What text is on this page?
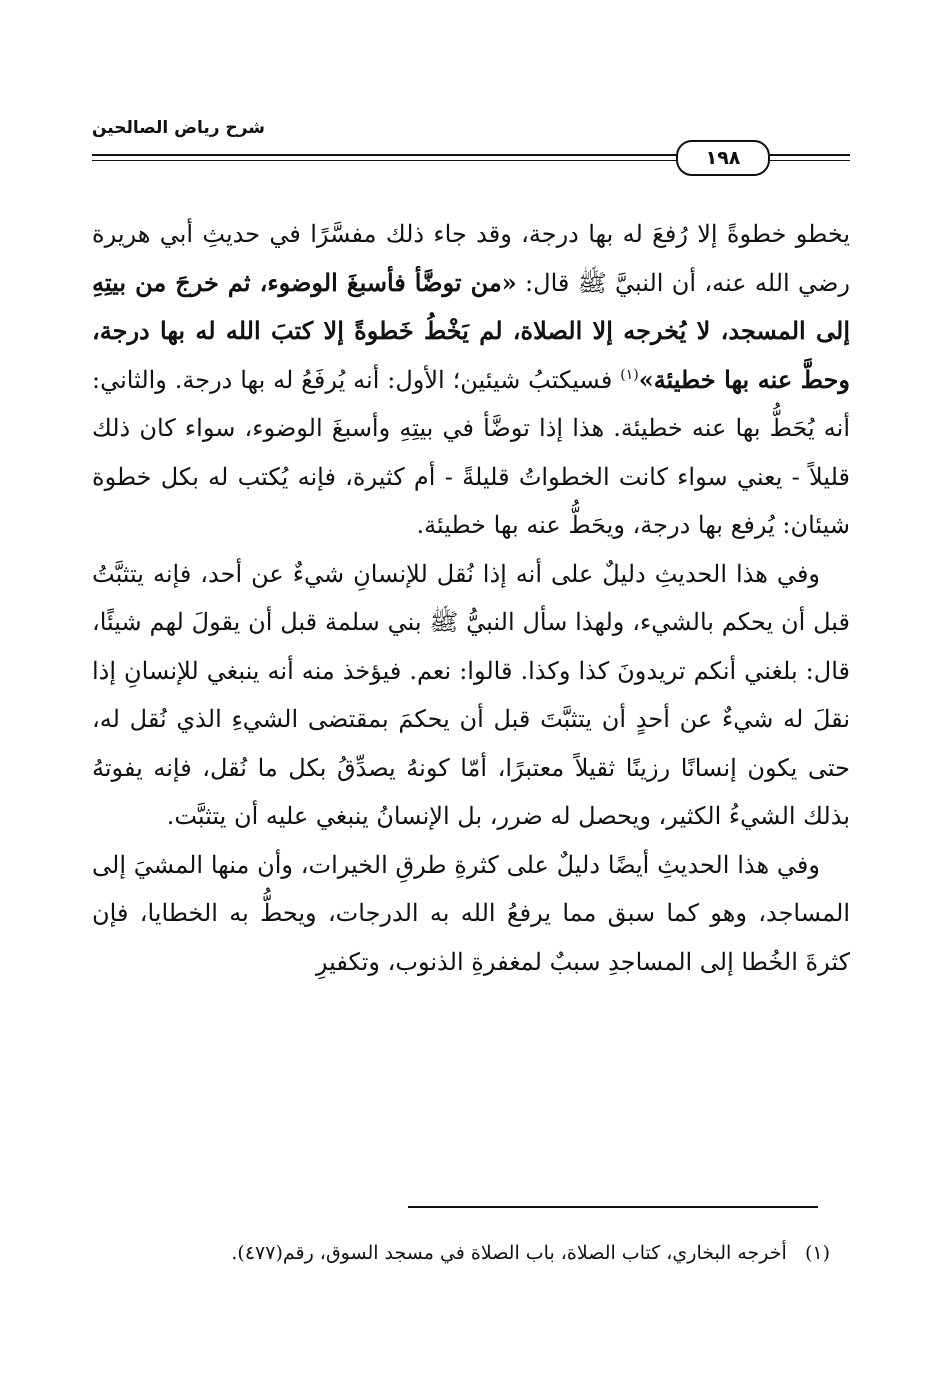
شرح رياض الصالحين
١٩٨

يخطو خطوةً إلا رُفعَ له بها درجة، وقد جاء ذلك مفسَّرًا في حديثِ أبي هريرة رضي الله عنه، أن النبيَّ ﷺ قال: «من توضَّأ فأسبغَ الوضوء، ثم خرجَ من بيتِهِ إلى المسجد، لا يُخرجه إلا الصلاة، لم يَخْطُ خَطوةً إلا كتبَ الله له بها درجة، وحطَّ عنه بها خطيئة»$^{(١)}$ فسيكتبُ شيئين؛ الأول: أنه يُرفَعُ له بها درجة. والثاني: أنه يُحَطُّ بها عنه خطيئة. هذا إذا توضَّأ في بيتِهِ وأسبغَ الوضوء، سواء كان ذلك قليلاً - يعني سواء كانت الخطواتُ قليلةً - أم كثيرة، فإنه يُكتب له بكل خطوة شيئان: يُرفع بها درجة، ويحَطُّ عنه بها خطيئة.

وفي هذا الحديثِ دليلٌ على أنه إذا نُقل للإنسانِ شيءٌ عن أحد، فإنه يتثبَّتُ قبل أن يحكم بالشيء، ولهذا سأل النبيُّ ﷺ بني سلمة قبل أن يقولَ لهم شيئًا، قال: بلغني أنكم تريدونَ كذا وكذا. قالوا: نعم. فيؤخذ منه أنه ينبغي للإنسانِ إذا نقلَ له شيءٌ عن أحدٍ أن يتثبَّتَ قبل أن يحكمَ بمقتضى الشيءِ الذي نُقل له، حتى يكون إنسانًا رزينًا ثقيلاً معتبرًا، أمّا كونهُ يصدِّقُ بكل ما نُقل، فإنه يفوتهُ بذلك الشيءُ الكثير، ويحصل له ضرر، بل الإنسانُ ينبغي عليه أن يتثبَّت.

وفي هذا الحديثِ أيضًا دليلٌ على كثرةِ طرقِ الخيرات، وأن منها المشيَ إلى المساجد، وهو كما سبق مما يرفعُ الله به الدرجات، ويحطُّ به الخطايا، فإن كثرةَ الخُطا إلى المساجدِ سببٌ لمغفرةِ الذنوب، وتكفيرِ

(١)   أخرجه البخاري، كتاب الصلاة، باب الصلاة في مسجد السوق، رقم(٤٧٧).
